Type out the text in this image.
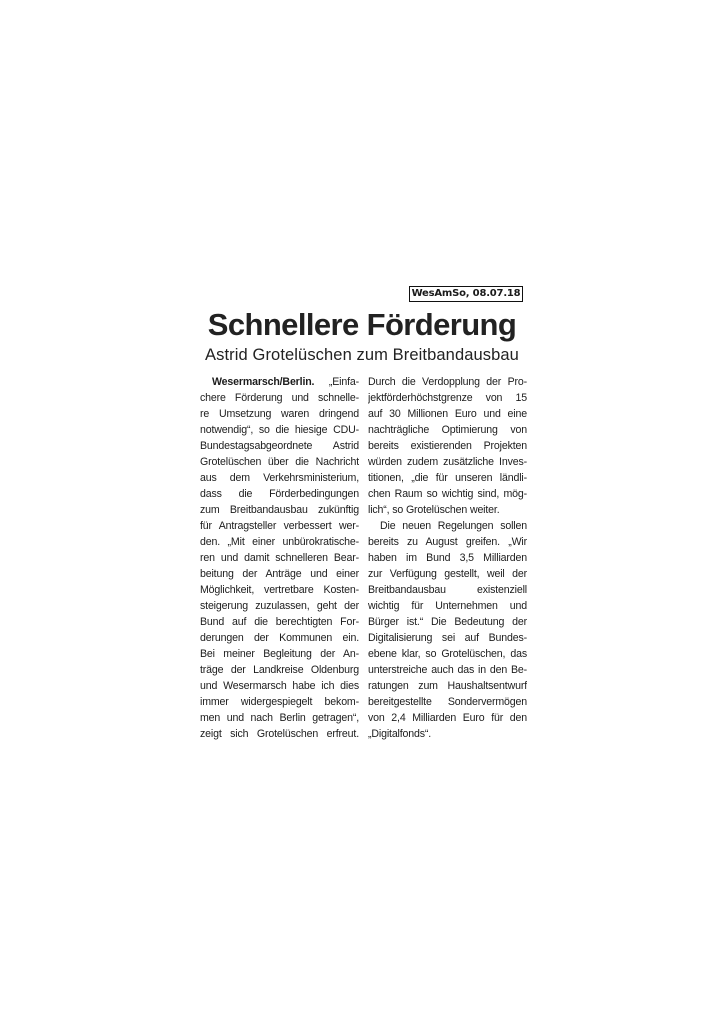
WesAmSo, 08.07.18
Schnellere Förderung
Astrid Grotelüschen zum Breitbandausbau
Wesermarsch/Berlin. „Einfa-
chere Förderung und schnelle-
re Umsetzung waren dringend
notwendig“, so die hiesige CDU-
Bundestagsabgeordnete Astrid
Grotelüschen über die Nachricht
aus dem Verkehrsministerium,
dass die Förderbedingungen
zum Breitbandausbau zukünftig
für Antragsteller verbessert wer-
den. „Mit einer unbürokratische-
ren und damit schnelleren Bear-
beitung der Anträge und einer
Möglichkeit, vertretbare Kosten-
steigerung zuzulassen, geht der
Bund auf die berechtigten For-
derungen der Kommunen ein.
Bei meiner Begleitung der An-
träge der Landkreise Oldenburg
und Wesermarsch habe ich dies
immer widergespiegelt bekom-
men und nach Berlin getragen“,
zeigt sich Grotelüschen erfreut.
Durch die Verdopplung der Pro-
jektförderhöchstgrenze von 15
auf 30 Millionen Euro und eine
nachträgliche Optimierung von
bereits existierenden Projekten
würden zudem zusätzliche Inves-
titionen, „die für unseren ländli-
chen Raum so wichtig sind, mög-
lich“, so Grotelüschen weiter.
Die neuen Regelungen sollen
bereits zu August greifen. „Wir
haben im Bund 3,5 Milliarden
zur Verfügung gestellt, weil der
Breitbandausbau existenziell
wichtig für Unternehmen und
Bürger ist.“ Die Bedeutung der
Digitalisierung sei auf Bundes-
ebene klar, so Grotelüschen, das
unterstreiche auch das in den Be-
ratungen zum Haushaltsentwurf
bereitgestellte Sondervermögen
von 2,4 Milliarden Euro für den
„Digitalfonds“.
